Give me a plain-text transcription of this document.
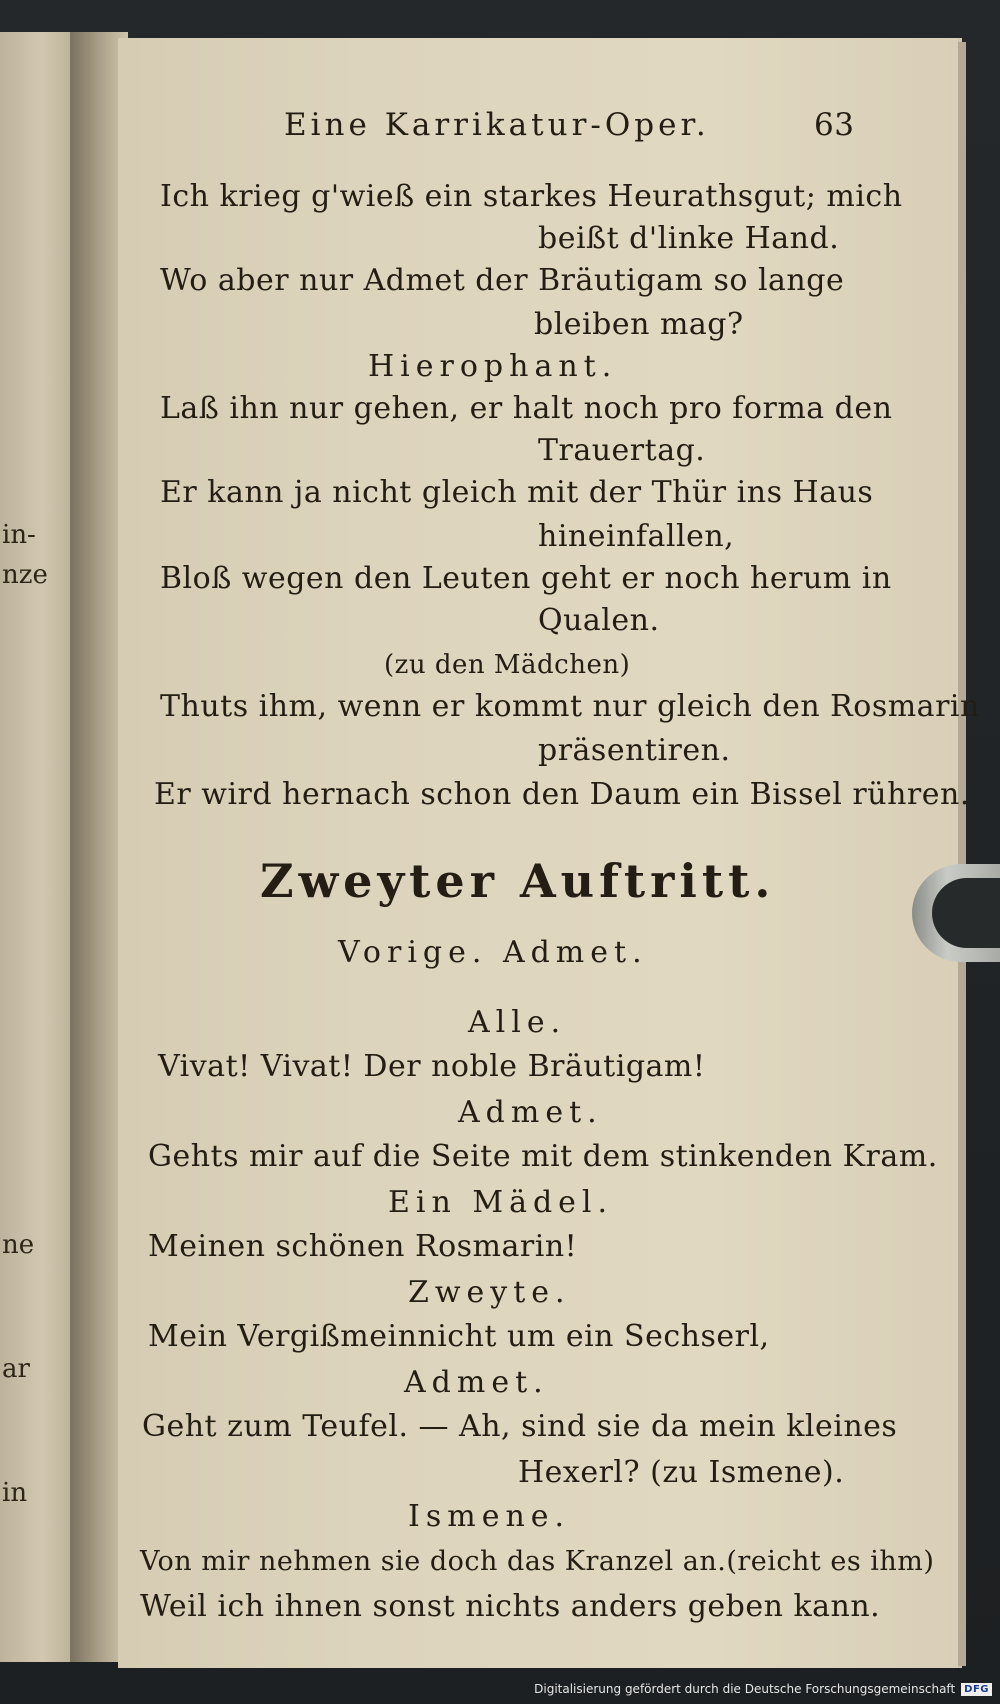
in-
nze
ne
ar
in
Eine Karrikatur-Oper.	63
Ich krieg g'wieß ein starkes Heurathsgut; mich
beißt d'linke Hand.
Wo aber nur Admet der Bräutigam so lange
bleiben mag?
Hierophant.
Laß ihn nur gehen, er halt noch pro forma den
Trauertag.
Er kann ja nicht gleich mit der Thür ins Haus
hineinfallen,
Bloß wegen den Leuten geht er noch herum in
Qualen.
(zu den Mädchen)
Thuts ihm, wenn er kommt nur gleich den Rosmarin
präsentiren.
Er wird hernach schon den Daum ein Bissel rühren.
Zweyter Auftritt.
Vorige. Admet.
Alle.
Vivat! Vivat! Der noble Bräutigam!
Admet.
Gehts mir auf die Seite mit dem stinkenden Kram.
Ein Mädel.
Meinen schönen Rosmarin!
Zweyte.
Mein Vergißmeinnicht um ein Sechserl,
Admet.
Geht zum Teufel. — Ah, sind sie da mein kleines
Hexerl? (zu Ismene).
Ismene.
Von mir nehmen sie doch das Kranzel an.(reicht es ihm)
Weil ich ihnen sonst nichts anders geben kann.
Digitalisierung gefördert durch die Deutsche Forschungsgemeinschaft DFG
